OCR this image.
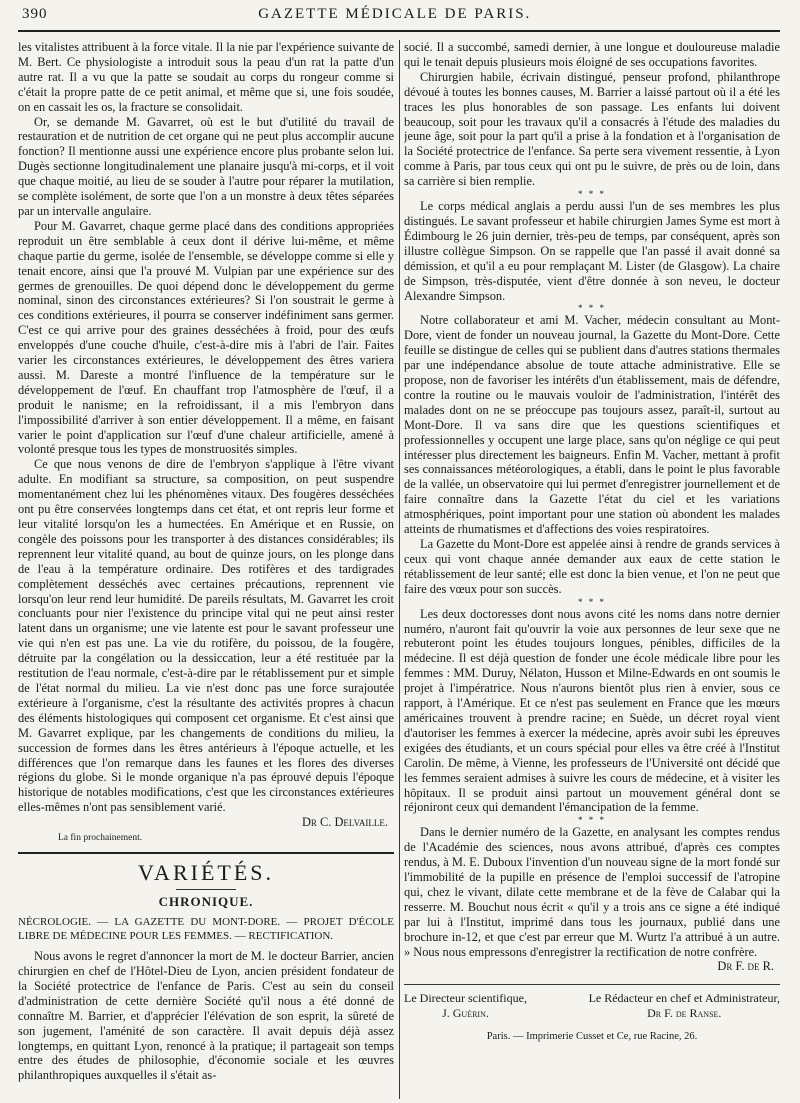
390	GAZETTE MÉDICALE DE PARIS.

les vitalistes attribuent à la force vitale. Il la nie par l'expérience suivante de M. Bert. Ce physiologiste a introduit sous la peau d'un rat la patte d'un autre rat. Il a vu que la patte se soudait au corps du rongeur comme si c'était la propre patte de ce petit animal, et même que si, une fois soudée, on en cassait les os, la fracture se consolidait.

Or, se demande M. Gavarret, où est le but d'utilité du travail de restauration et de nutrition de cet organe qui ne peut plus accomplir aucune fonction? Il mentionne aussi une expérience encore plus probante selon lui. Dugès sectionne longitudinalement une planaire jusqu'à mi-corps, et il voit que chaque moitié, au lieu de se souder à l'autre pour réparer la mutilation, se complète isolément, de sorte que l'on a un monstre à deux têtes séparées par un intervalle angulaire.

Pour M. Gavarret, chaque germe placé dans des conditions appropriées reproduit un être semblable à ceux dont il dérive lui-même, et même chaque partie du germe, isolée de l'ensemble, se développe comme si elle y tenait encore, ainsi que l'a prouvé M. Vulpian par une expérience sur des germes de grenouilles. De quoi dépend donc le développement du germe nominal, sinon des circonstances extérieures? Si l'on soustrait le germe à ces conditions extérieures, il pourra se conserver indéfiniment sans germer. C'est ce qui arrive pour des graines desséchées à froid, pour des œufs enveloppés d'une couche d'huile, c'est-à-dire mis à l'abri de l'air. Faites varier les circonstances extérieures, le développement des êtres variera aussi. M. Dareste a montré l'influence de la température sur le développement de l'œuf. En chauffant trop l'atmosphère de l'œuf, il a produit le nanisme; en la refroidissant, il a mis l'embryon dans l'impossibilité d'arriver à son entier développement. Il a même, en faisant varier le point d'application sur l'œuf d'une chaleur artificielle, amené à volonté presque tous les types de monstruosités simples.

Ce que nous venons de dire de l'embryon s'applique à l'être vivant adulte. En modifiant sa structure, sa composition, on peut suspendre momentanément chez lui les phénomènes vitaux. Des fougères desséchées ont pu être conservées longtemps dans cet état, et ont repris leur forme et leur vitalité lorsqu'on les a humectées. En Amérique et en Russie, on congèle des poissons pour les transporter à des distances considérables; ils reprennent leur vitalité quand, au bout de quinze jours, on les plonge dans de l'eau à la température ordinaire. Des rotifères et des tardigrades complètement desséchés avec certaines précautions, reprennent vie lorsqu'on leur rend leur humidité. De pareils résultats, M. Gavarret les croit concluants pour nier l'existence du principe vital qui ne peut ainsi rester latent dans un organisme; une vie latente est pour le savant professeur une vie qui n'en est pas une. La vie du rotifère, du poissou, de la fougère, détruite par la congélation ou la dessiccation, leur a été restituée par la restitution de l'eau normale, c'est-à-dire par le rétablissement pur et simple de l'état normal du milieu. La vie n'est donc pas une force surajoutée extérieure à l'organisme, c'est la résultante des activités propres à chacun des éléments histologiques qui composent cet organisme. Et c'est ainsi que M. Gavarret explique, par les changements de conditions du milieu, la succession de formes dans les êtres antérieurs à l'époque actuelle, et les différences que l'on remarque dans les faunes et les flores des diverses régions du globe. Si le monde organique n'a pas éprouvé depuis l'époque historique de notables modifications, c'est que les circonstances extérieures elles-mêmes n'ont pas sensiblement varié.

Dr C. Delvaille.
La fin prochainement.
VARIÉTÉS.
CHRONIQUE.
NÉCROLOGIE. — LA GAZETTE DU MONT-DORE. — PROJET D'ÉCOLE LIBRE DE MÉDECINE POUR LES FEMMES. — RECTIFICATION.

Nous avons le regret d'annoncer la mort de M. le docteur Barrier, ancien chirurgien en chef de l'Hôtel-Dieu de Lyon, ancien président fondateur de la Société protectrice de l'enfance de Paris. C'est au sein du conseil d'administration de cette dernière Société qu'il nous a été donné de connaître M. Barrier, et d'apprécier l'élévation de son esprit, la sûreté de son jugement, l'aménité de son caractère. Il avait depuis déjà assez longtemps, en quittant Lyon, renoncé à la pratique; il partageait son temps entre des études de philosophie, d'économie sociale et les œuvres philanthropiques auxquelles il s'était as-

socié. Il a succombé, samedi dernier, à une longue et douloureuse maladie qui le tenait depuis plusieurs mois éloigné de ses occupations favorites.

Chirurgien habile, écrivain distingué, penseur profond, philanthrope dévoué à toutes les bonnes causes, M. Barrier a laissé partout où il a été les traces les plus honorables de son passage. Les enfants lui doivent beaucoup, soit pour les travaux qu'il a consacrés à l'étude des maladies du jeune âge, soit pour la part qu'il a prise à la fondation et à l'organisation de la Société protectrice de l'enfance. Sa perte sera vivement ressentie, à Lyon comme à Paris, par tous ceux qui ont pu le suivre, de près ou de loin, dans sa carrière si bien remplie.

* * *

Le corps médical anglais a perdu aussi l'un de ses membres les plus distingués. Le savant professeur et habile chirurgien James Syme est mort à Édimbourg le 26 juin dernier, très-peu de temps, par conséquent, après son illustre collègue Simpson. On se rappelle que l'an passé il avait donné sa démission, et qu'il a eu pour remplaçant M. Lister (de Glasgow). La chaire de Simpson, très-disputée, vient d'être donnée à son neveu, le docteur Alexandre Simpson.

* * *

Notre collaborateur et ami M. Vacher, médecin consultant au Mont-Dore, vient de fonder un nouveau journal, la Gazette du Mont-Dore. Cette feuille se distingue de celles qui se publient dans d'autres stations thermales par une indépendance absolue de toute attache administrative. Elle se propose, non de favoriser les intérêts d'un établissement, mais de défendre, contre la routine ou le mauvais vouloir de l'administration, l'intérêt des malades dont on ne se préoccupe pas toujours assez, paraît-il, surtout au Mont-Dore. Il va sans dire que les questions scientifiques et professionnelles y occupent une large place, sans qu'on néglige ce qui peut intéresser plus directement les baigneurs. Enfin M. Vacher, mettant à profit ses connaissances météorologiques, a établi, dans le point le plus favorable de la vallée, un observatoire qui lui permet d'enregistrer journellement et de faire connaître dans la Gazette l'état du ciel et les variations atmosphériques, point important pour une station où abondent les malades atteints de rhumatismes et d'affections des voies respiratoires.

La Gazette du Mont-Dore est appelée ainsi à rendre de grands services à ceux qui vont chaque année demander aux eaux de cette station le rétablissement de leur santé; elle est donc la bien venue, et l'on ne peut que faire des vœux pour son succès.

* * *

Les deux doctoresses dont nous avons cité les noms dans notre dernier numéro, n'auront fait qu'ouvrir la voie aux personnes de leur sexe que ne rebuteront point les études toujours longues, pénibles, difficiles de la médecine. Il est déjà question de fonder une école médicale libre pour les femmes : MM. Duruy, Nélaton, Husson et Milne-Edwards en ont soumis le projet à l'impératrice. Nous n'aurons bientôt plus rien à envier, sous ce rapport, à l'Amérique. Et ce n'est pas seulement en France que les mœurs américaines trouvent à prendre racine; en Suède, un décret royal vient d'autoriser les femmes à exercer la médecine, après avoir subi les épreuves exigées des étudiants, et un cours spécial pour elles va être créé à l'Institut Carolin. De même, à Vienne, les professeurs de l'Université ont décidé que les femmes seraient admises à suivre les cours de médecine, et à visiter les hôpitaux. Il se produit ainsi partout un mouvement général dont se réjoniront ceux qui demandent l'émancipation de la femme.

* * *

Dans le dernier numéro de la Gazette, en analysant les comptes rendus de l'Académie des sciences, nous avons attribué, d'après ces comptes rendus, à M. E. Duboux l'invention d'un nouveau signe de la mort fondé sur l'immobilité de la pupille en présence de l'emploi successif de l'atropine qui, chez le vivant, dilate cette membrane et de la fève de Calabar qui la resserre. M. Bouchut nous écrit « qu'il y a trois ans ce signe a été indiqué par lui à l'Institut, imprimé dans tous les journaux, publié dans une brochure in-12, et que c'est par erreur que M. Wurtz l'a attribué à un autre. » Nous nous empressons d'enregistrer la rectification de notre confrère.

Dr F. de R.
Le Directeur scientifique,
J. Guérin.
Le Rédacteur en chef et Administrateur,
Dr F. de Ranse.
Paris. — Imprimerie Cusset et Ce, rue Racine, 26.
